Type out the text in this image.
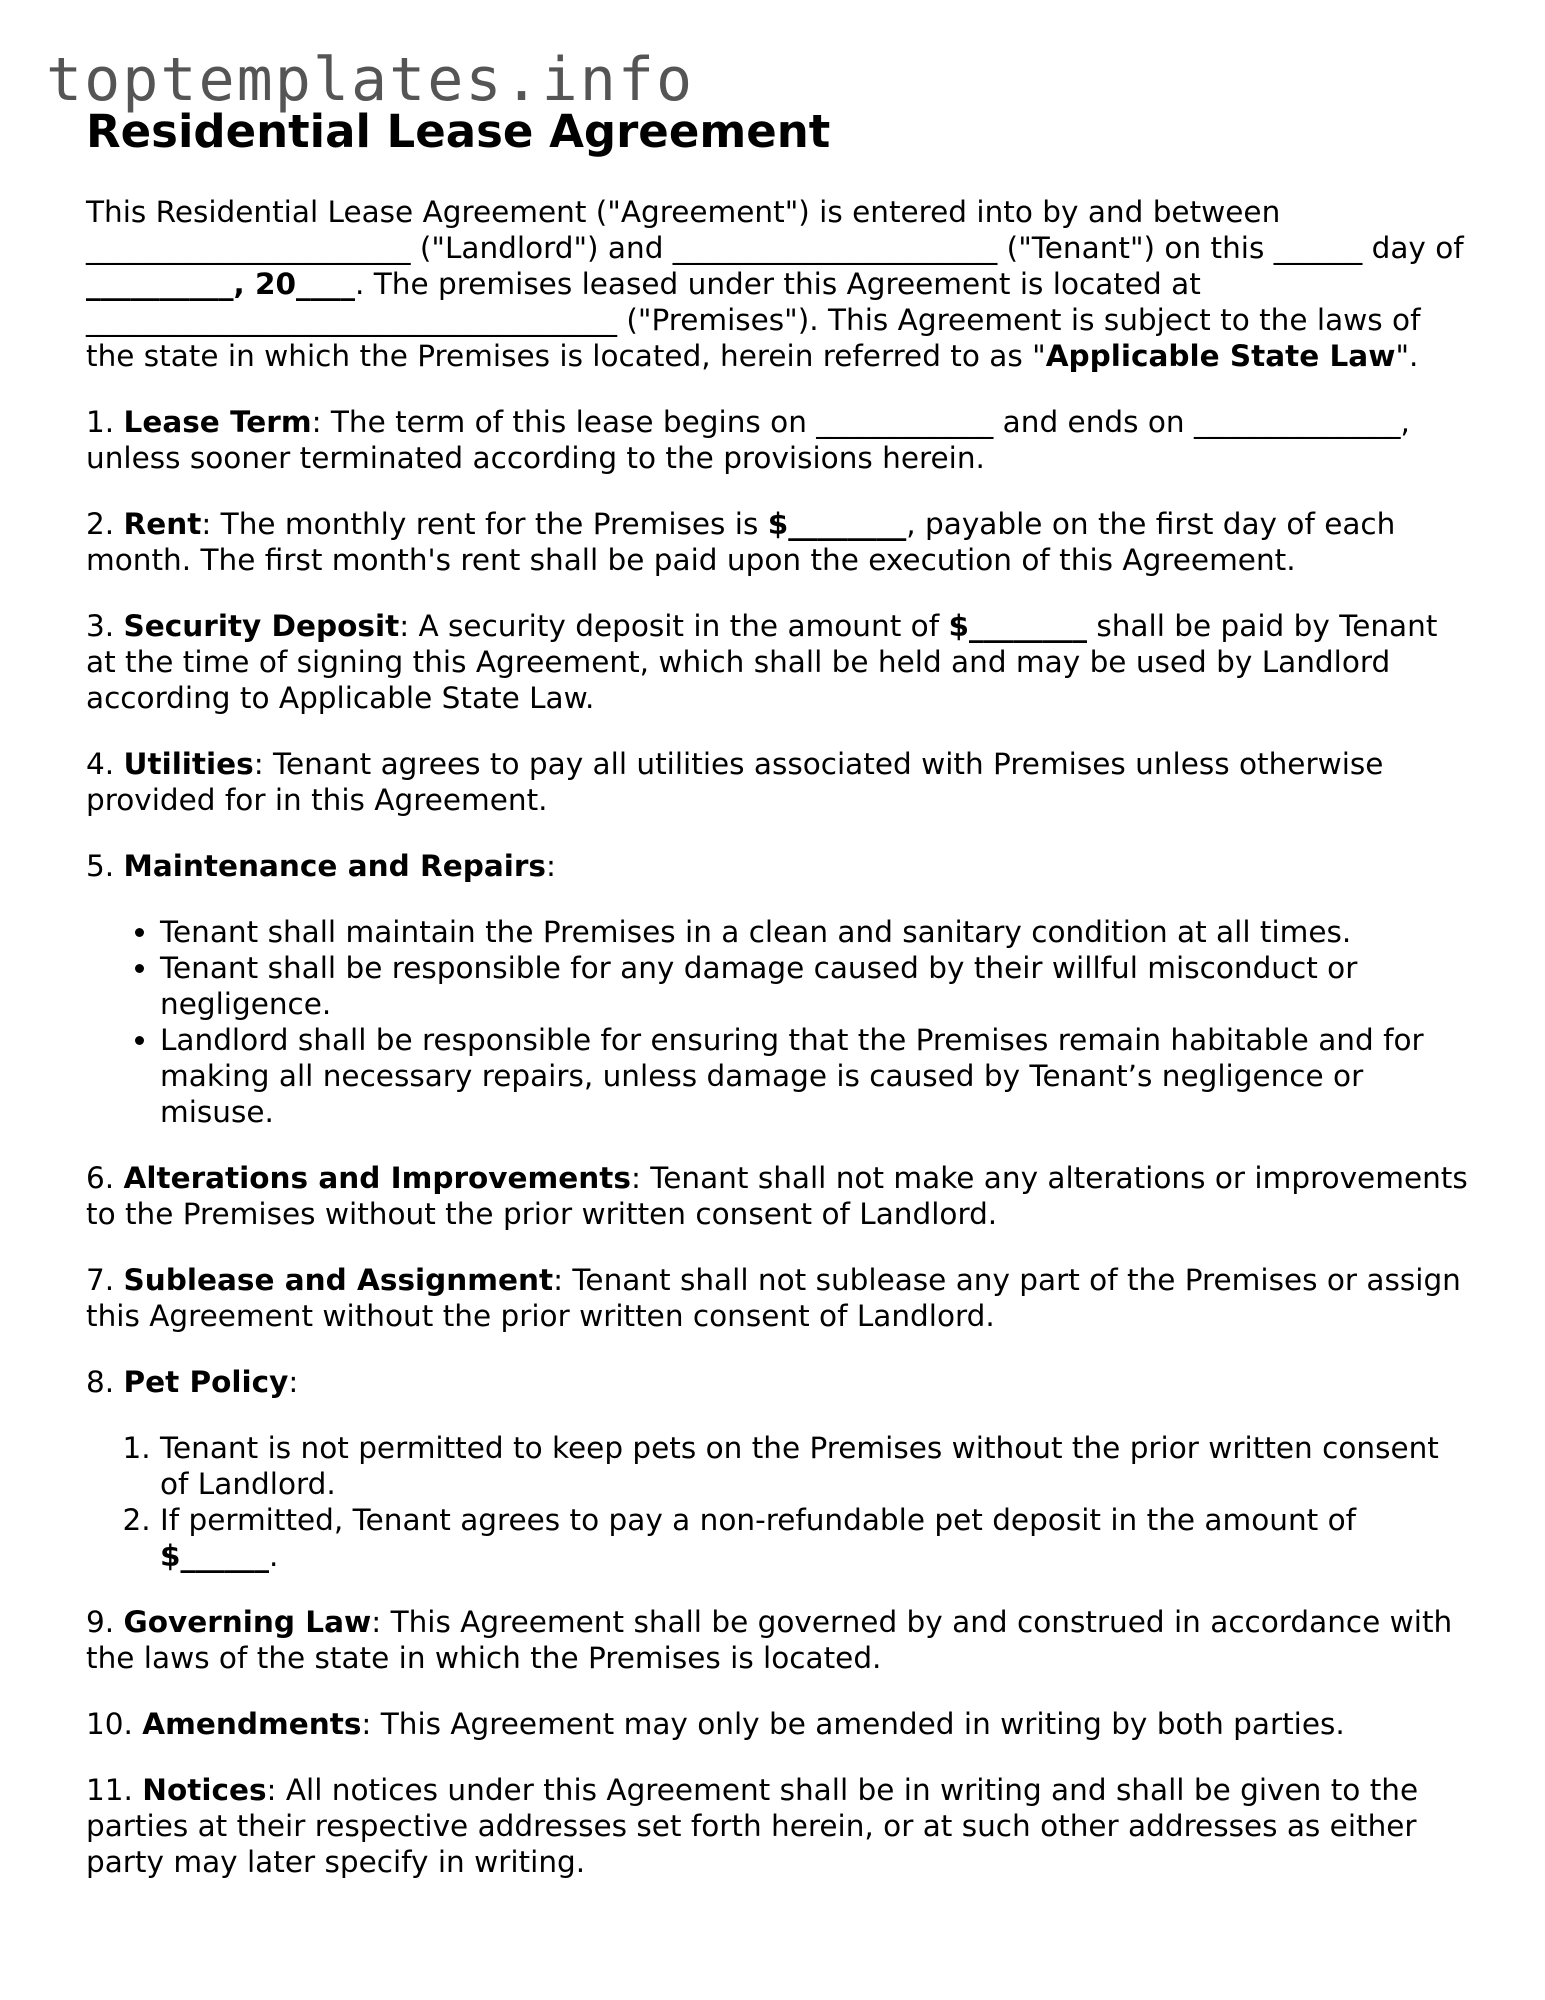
toptemplates.info
Residential Lease Agreement

This Residential Lease Agreement ("Agreement") is entered into by and between ______________________ ("Landlord") and ______________________ ("Tenant") on this ______ day of __________, 20____. The premises leased under this Agreement is located at ____________________________________ ("Premises"). This Agreement is subject to the laws of the state in which the Premises is located, herein referred to as "Applicable State Law".

1. Lease Term: The term of this lease begins on ____________ and ends on ______________, unless sooner terminated according to the provisions herein.

2. Rent: The monthly rent for the Premises is $________, payable on the first day of each month. The first month's rent shall be paid upon the execution of this Agreement.

3. Security Deposit: A security deposit in the amount of $________ shall be paid by Tenant at the time of signing this Agreement, which shall be held and may be used by Landlord according to Applicable State Law.

4. Utilities: Tenant agrees to pay all utilities associated with Premises unless otherwise provided for in this Agreement.

5. Maintenance and Repairs:

• Tenant shall maintain the Premises in a clean and sanitary condition at all times.
• Tenant shall be responsible for any damage caused by their willful misconduct or negligence.
• Landlord shall be responsible for ensuring that the Premises remain habitable and for making all necessary repairs, unless damage is caused by Tenant’s negligence or misuse.

6. Alterations and Improvements: Tenant shall not make any alterations or improvements to the Premises without the prior written consent of Landlord.

7. Sublease and Assignment: Tenant shall not sublease any part of the Premises or assign this Agreement without the prior written consent of Landlord.

8. Pet Policy:

1. Tenant is not permitted to keep pets on the Premises without the prior written consent of Landlord.
2. If permitted, Tenant agrees to pay a non-refundable pet deposit in the amount of $______.

9. Governing Law: This Agreement shall be governed by and construed in accordance with the laws of the state in which the Premises is located.

10. Amendments: This Agreement may only be amended in writing by both parties.

11. Notices: All notices under this Agreement shall be in writing and shall be given to the parties at their respective addresses set forth herein, or at such other addresses as either party may later specify in writing.
